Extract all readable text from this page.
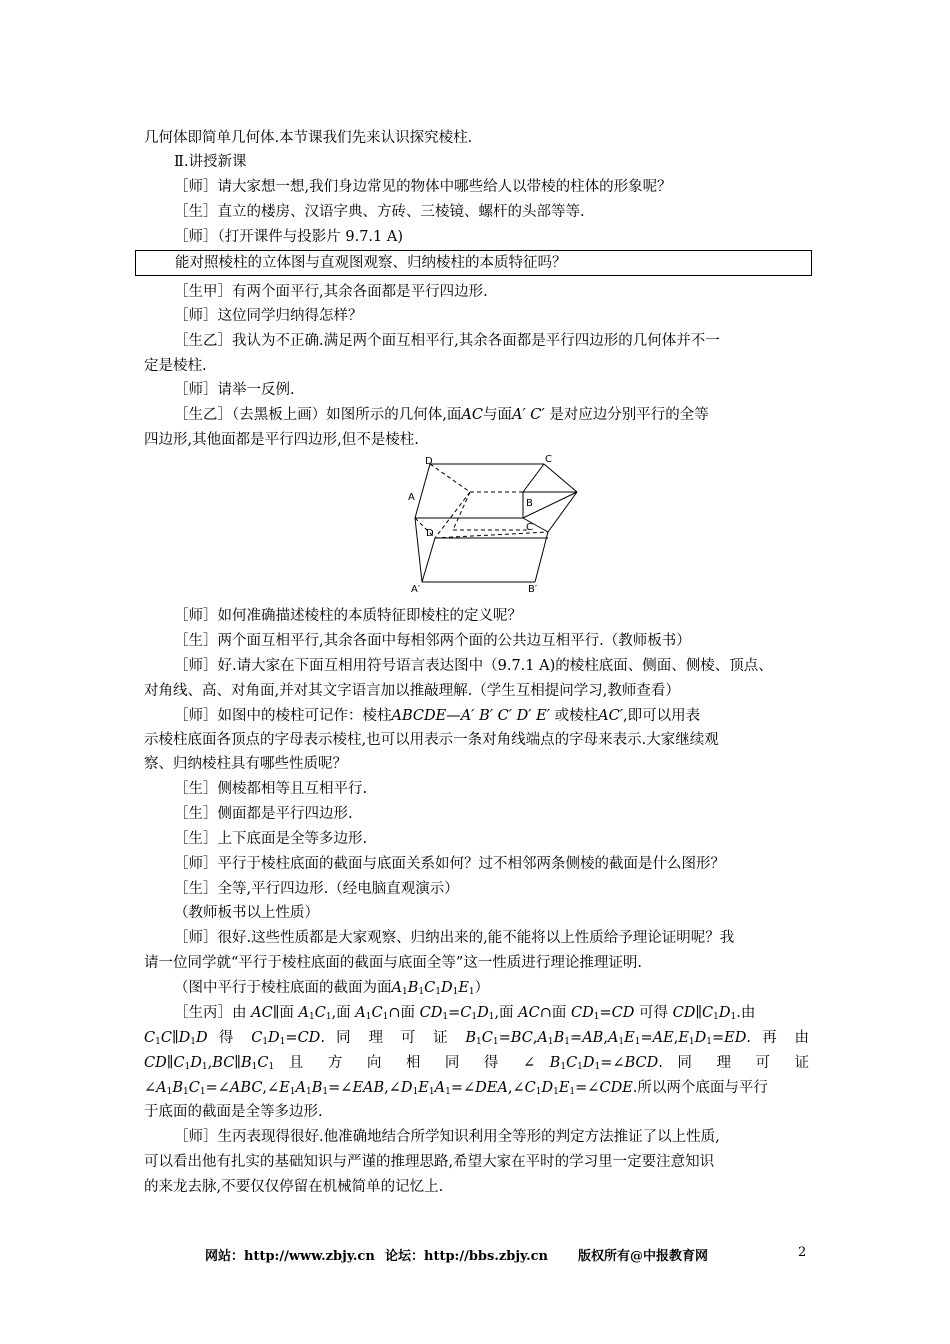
几何体即简单几何体.本节课我们先来认识探究棱柱.
Ⅱ.讲授新课
［师］请大家想一想,我们身边常见的物体中哪些给人以带棱的柱体的形象呢？
［生］直立的楼房、汉语字典、方砖、三棱镜、螺杆的头部等等.
［师］（打开课件与投影片 9.7.1 A)
能对照棱柱的立体图与直观图观察、归纳棱柱的本质特征吗？
［生甲］有两个面平行,其余各面都是平行四边形.
［师］这位同学归纳得怎样？
［生乙］我认为不正确.满足两个面互相平行,其余各面都是平行四边形的几何体并不一
定是棱柱.
［师］请举一反例.
［生乙］（去黑板上画）如图所示的几何体,面AC与面A′ C′ 是对应边分别平行的全等
四边形,其他面都是平行四边形,但不是棱柱.
D	C
A
B
D
C
A′	B′
［师］如何准确描述棱柱的本质特征即棱柱的定义呢？
［生］两个面互相平行,其余各面中每相邻两个面的公共边互相平行.（教师板书）
［师］好.请大家在下面互相用符号语言表达图中（9.7.1 A)的棱柱底面、侧面、侧棱、顶点、
对角线、高、对角面,并对其文字语言加以推敲理解.（学生互相提问学习,教师查看）
［师］如图中的棱柱可记作：棱柱ABCDE—A′ B′ C′ D′ E′ 或棱柱AC′,即可以用表
示棱柱底面各顶点的字母表示棱柱,也可以用表示一条对角线端点的字母来表示.大家继续观
察、归纳棱柱具有哪些性质呢？
［生］侧棱都相等且互相平行.
［生］侧面都是平行四边形.
［生］上下底面是全等多边形.
［师］平行于棱柱底面的截面与底面关系如何？过不相邻两条侧棱的截面是什么图形？
［生］全等,平行四边形.（经电脑直观演示）
（教师板书以上性质）
［师］很好.这些性质都是大家观察、归纳出来的,能不能将以上性质给予理论证明呢？我
请一位同学就“平行于棱柱底面的截面与底面全等”这一性质进行理论推理证明.
（图中平行于棱柱底面的截面为面$A_1B_1C_1D_1E_1$）
［生丙］由 AC∥面 $A_1C_1$,面 $A_1C_1\cap$面 $CD_1=C_1D_1$,面 AC∩面 $CD_1=CD$ 可得 $CD\parallel C_1D_1$.由
$C_1C\parallel D_1D$ 得 $C_1D_1=CD$. 同 理 可 证 $B_1C_1=BC,A_1B_1=AB,A_1E_1=AE,E_1D_1=ED$. 再 由
$CD\parallel C_1D_1,BC\parallel B_1C_1$ 且 方 向 相 同 得 ∠ $B_1C_1D_1=\angle BCD$. 同 理 可 证
$\angle A_1B_1C_1=\angle ABC,\angle E_1A_1B_1=\angle EAB,\angle D_1E_1A_1=\angle DEA,\angle C_1D_1E_1=\angle CDE$.所以两个底面与平行
于底面的截面是全等多边形.
［师］生丙表现得很好.他准确地结合所学知识利用全等形的判定方法推证了以上性质,
可以看出他有扎实的基础知识与严谨的推理思路,希望大家在平时的学习里一定要注意知识
的来龙去脉,不要仅仅停留在机械简单的记忆上.
网站：http://www.zbjy.cn 论坛：http://bbs.zbjy.cn 版权所有@中报教育网	2
